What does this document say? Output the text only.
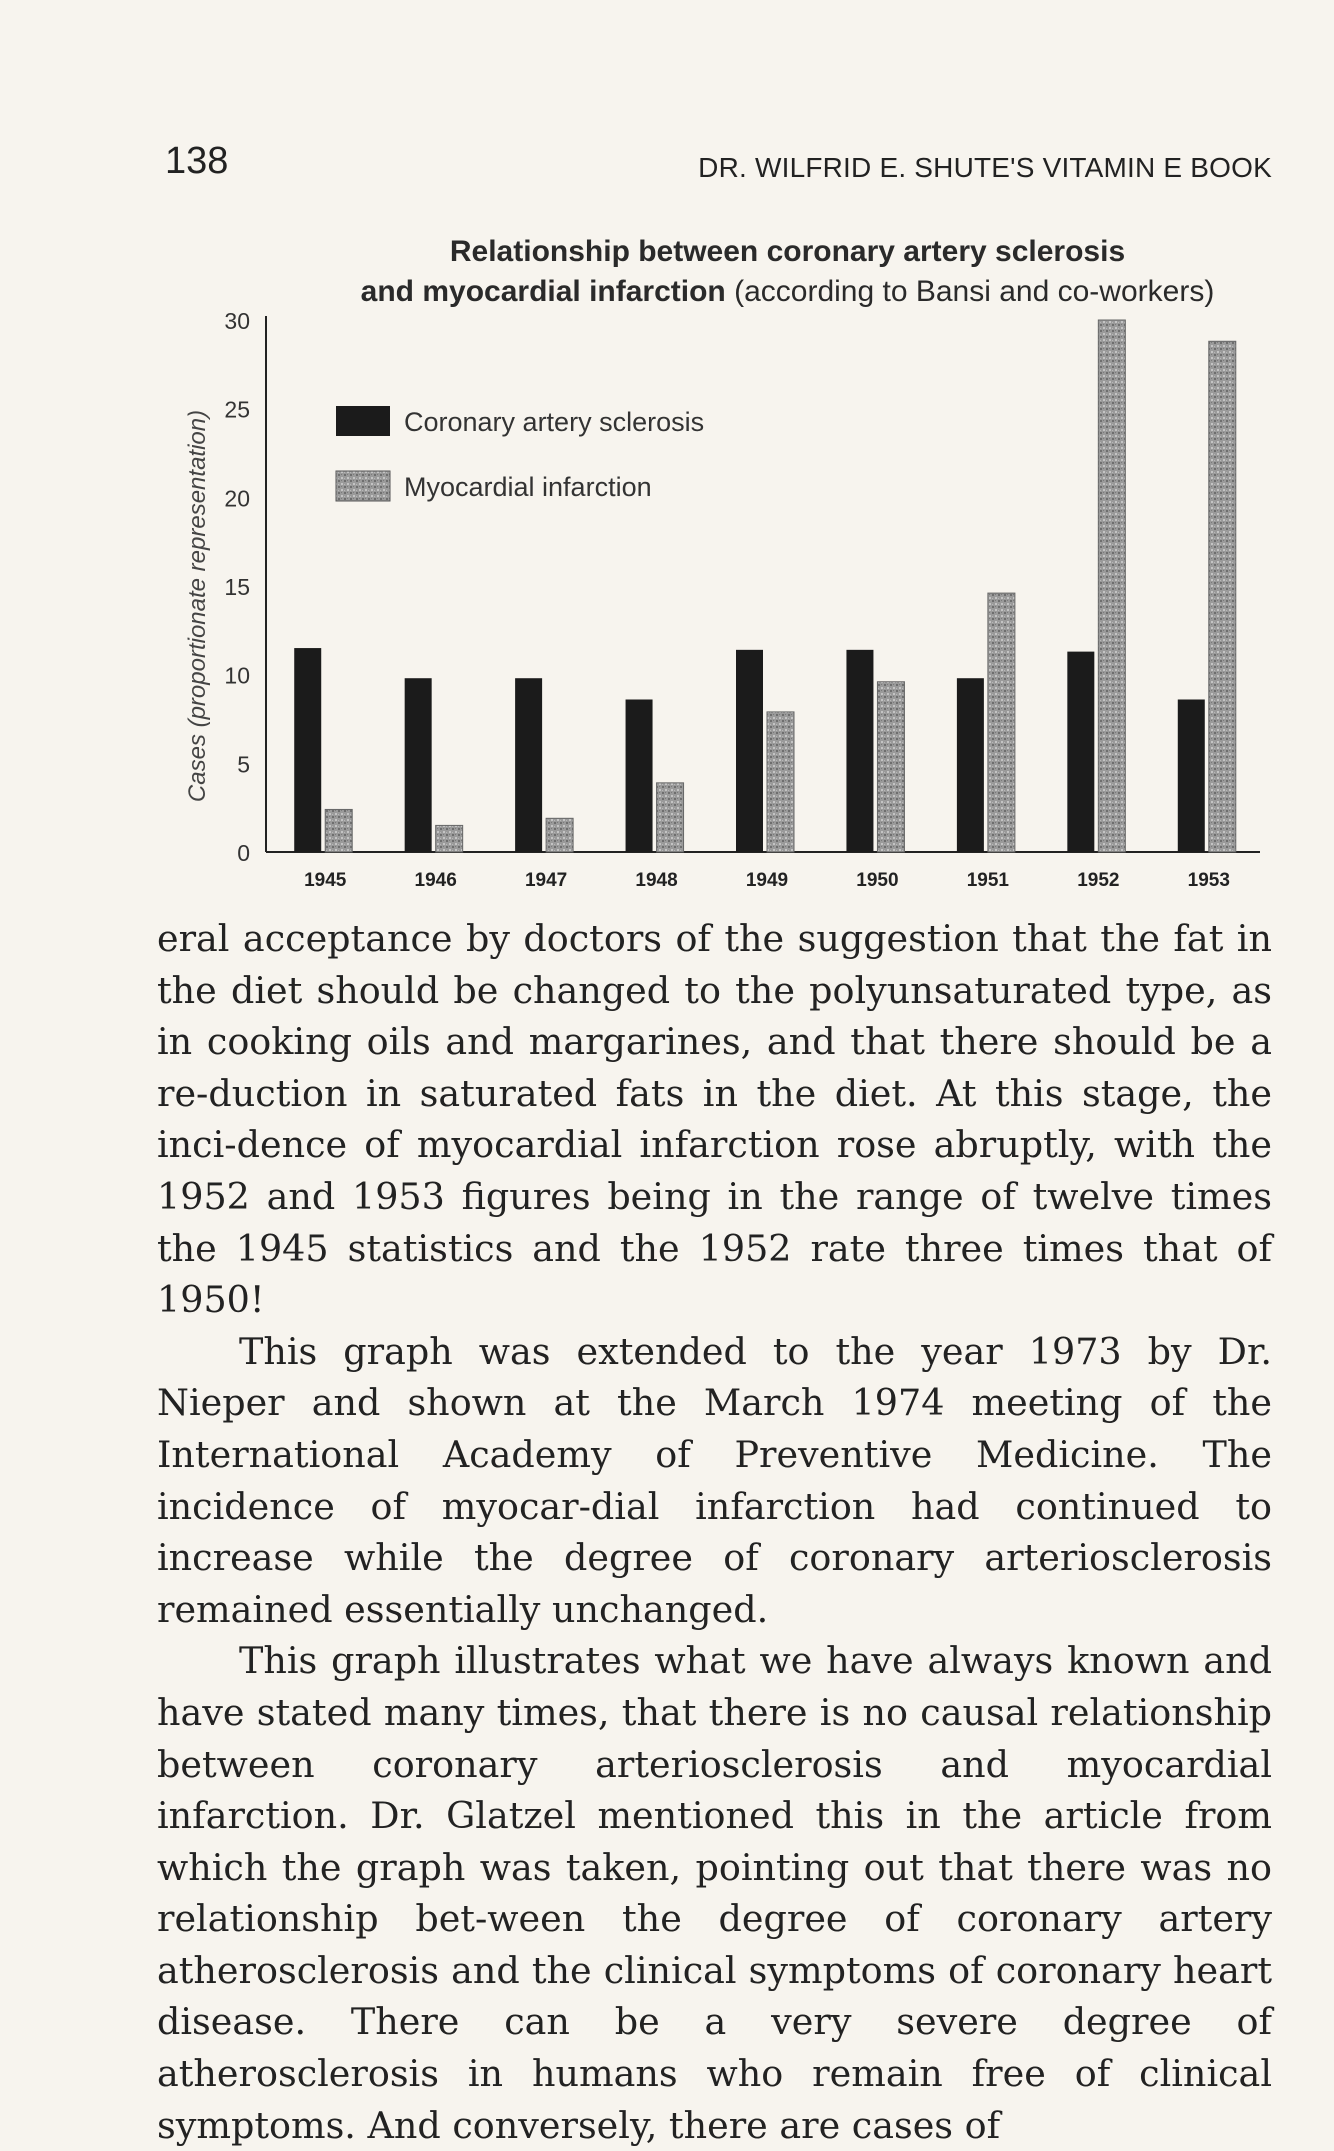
138	DR. WILFRID E. SHUTE'S VITAMIN E BOOK
Relationship between coronary artery sclerosis
and myocardial infarction (according to Bansi and co-workers)
0
5
10
15
20
25
30
Cases (proportionate representation)
1945	1946	1947	1948	1949	1950	1951	1952	1953
Coronary artery sclerosis
Myocardial infarction

eral acceptance by doctors of the suggestion that the fat in the diet should be changed to the polyunsaturated type, as in cooking oils and margarines, and that there should be a re-duction in saturated fats in the diet. At this stage, the inci-dence of myocardial infarction rose abruptly, with the 1952 and 1953 figures being in the range of twelve times the 1945 statistics and the 1952 rate three times that of 1950!

This graph was extended to the year 1973 by Dr. Nieper and shown at the March 1974 meeting of the International Academy of Preventive Medicine. The incidence of myocar-dial infarction had continued to increase while the degree of coronary arteriosclerosis remained essentially unchanged.

This graph illustrates what we have always known and have stated many times, that there is no causal relationship between coronary arteriosclerosis and myocardial infarction. Dr. Glatzel mentioned this in the article from which the graph was taken, pointing out that there was no relationship bet-ween the degree of coronary artery atherosclerosis and the clinical symptoms of coronary heart disease. There can be a very severe degree of atherosclerosis in humans who remain free of clinical symptoms. And conversely, there are cases of
